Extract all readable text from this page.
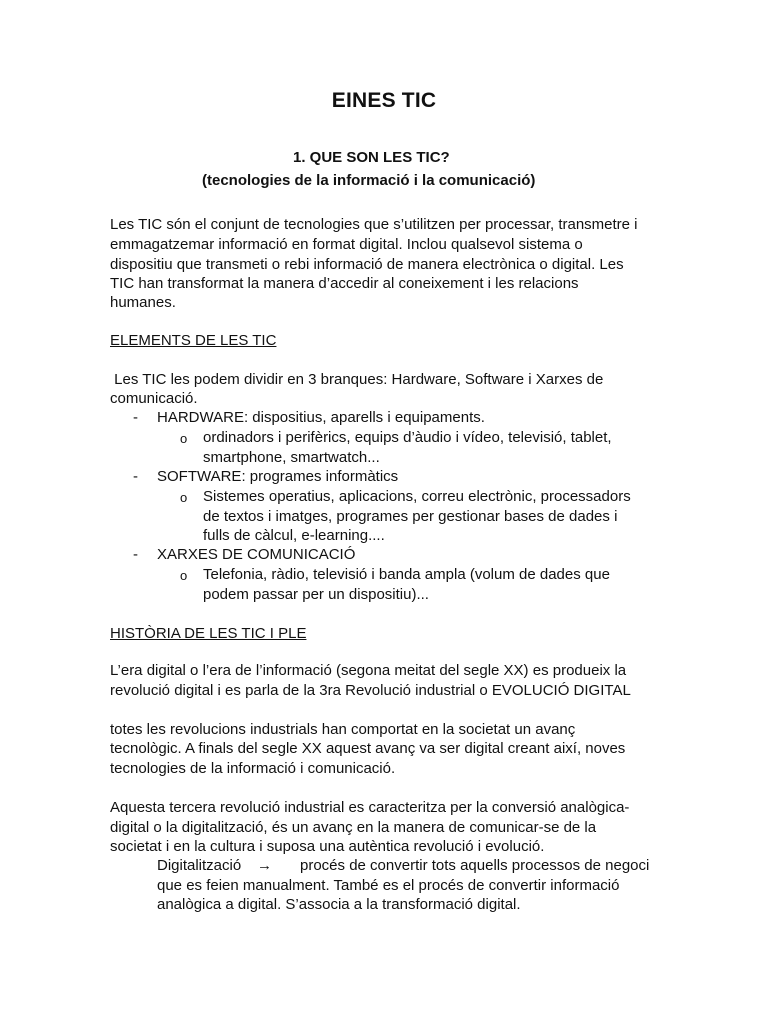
EINES TIC
1. QUE SON LES TIC?
(tecnologies de la informació i la comunicació)
Les TIC són el conjunt de tecnologies que s’utilitzen per processar, transmetre i
emmagatzemar informació en format digital. Inclou qualsevol sistema o
dispositiu que transmeti o rebi informació de manera electrònica o digital. Les
TIC han transformat la manera d’accedir al coneixement i les relacions
humanes.
ELEMENTS DE LES TIC
Les TIC les podem dividir en 3 branques: Hardware, Software i Xarxes de
comunicació.
- HARDWARE: dispositius, aparells i equipaments.
o ordinadors i perifèrics, equips d’àudio i vídeo, televisió, tablet,
smartphone, smartwatch...
- SOFTWARE: programes informàtics
o Sistemes operatius, aplicacions, correu electrònic, processadors
de textos i imatges, programes per gestionar bases de dades i
fulls de càlcul, e-learning....
- XARXES DE COMUNICACIÓ
o Telefonia, ràdio, televisió i banda ampla (volum de dades que
podem passar per un dispositiu)...
HISTÒRIA DE LES TIC I PLE
L’era digital o l’era de l’informació (segona meitat del segle XX) es produeix la
revolució digital i es parla de la 3ra Revolució industrial o EVOLUCIÓ DIGITAL
totes les revolucions industrials han comportat en la societat un avanç
tecnològic. A finals del segle XX aquest avanç va ser digital creant així, noves
tecnologies de la informació i comunicació.
Aquesta tercera revolució industrial es caracteritza per la conversió analògica-
digital o la digitalització, és un avanç en la manera de comunicar-se de la
societat i en la cultura i suposa una autèntica revolució i evolució.
Digitalització → procés de convertir tots aquells processos de negoci
que es feien manualment. També es el procés de convertir informació
analògica a digital. S’associa a la transformació digital.
